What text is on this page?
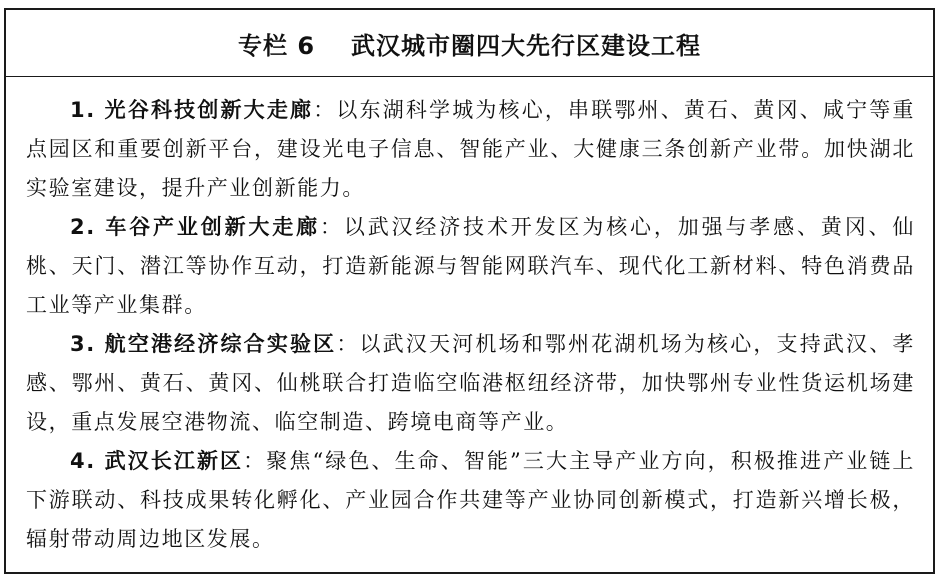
专栏 6 武汉城市圈四大先行区建设工程

1. 光谷科技创新大走廊：以东湖科学城为核心，串联鄂州、黄石、黄冈、咸宁等重点园区和重要创新平台，建设光电子信息、智能产业、大健康三条创新产业带。加快湖北实验室建设，提升产业创新能力。

2. 车谷产业创新大走廊：以武汉经济技术开发区为核心，加强与孝感、黄冈、仙桃、天门、潜江等协作互动，打造新能源与智能网联汽车、现代化工新材料、特色消费品工业等产业集群。

3. 航空港经济综合实验区：以武汉天河机场和鄂州花湖机场为核心，支持武汉、孝感、鄂州、黄石、黄冈、仙桃联合打造临空临港枢纽经济带，加快鄂州专业性货运机场建设，重点发展空港物流、临空制造、跨境电商等产业。

4. 武汉长江新区：聚焦“绿色、生命、智能”三大主导产业方向，积极推进产业链上下游联动、科技成果转化孵化、产业园合作共建等产业协同创新模式，打造新兴增长极，辐射带动周边地区发展。
